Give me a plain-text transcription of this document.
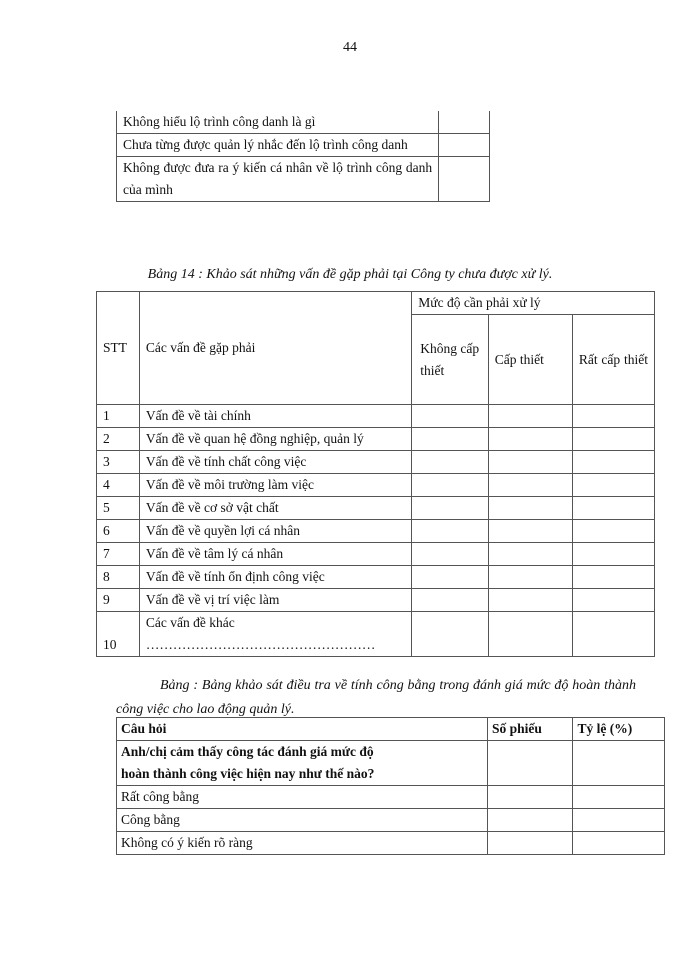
44
Không hiểu lộ trình công danh là gì	
Chưa từng được quản lý nhắc đến lộ trình công danh	
Không được đưa ra ý kiến cá nhân về lộ trình công danh của mình	
Bảng 14 : Khảo sát những vấn đề gặp phải tại Công ty chưa được xử lý.
STT	Các vấn đề gặp phải	Mức độ cần phải xử lý		
		Không cấp thiết	Cấp thiết	Rất cấp thiết
1	Vấn đề về tài chính			
2	Vấn đề về quan hệ đồng nghiệp, quản lý			
3	Vấn đề về tính chất công việc			
4	Vấn đề về môi trường làm việc			
5	Vấn đề về cơ sở vật chất			
6	Vấn đề về quyền lợi cá nhân			
7	Vấn đề về tâm lý cá nhân			
8	Vấn đề về tính ổn định công việc			
9	Vấn đề về vị trí việc làm			
10	Các vấn đề khác
……………………………………………			

Bảng : Bảng khảo sát điều tra về tính công bằng trong đánh giá mức độ hoàn thành công việc cho lao động quản lý.
Câu hỏi	Số phiếu	Tỷ lệ (%)

Anh/chị cảm thấy công tác đánh giá mức độ
hoàn thành công việc hiện nay như thế nào?		

Rất công bằng		
Công bằng		
Không có ý kiến rõ ràng		
